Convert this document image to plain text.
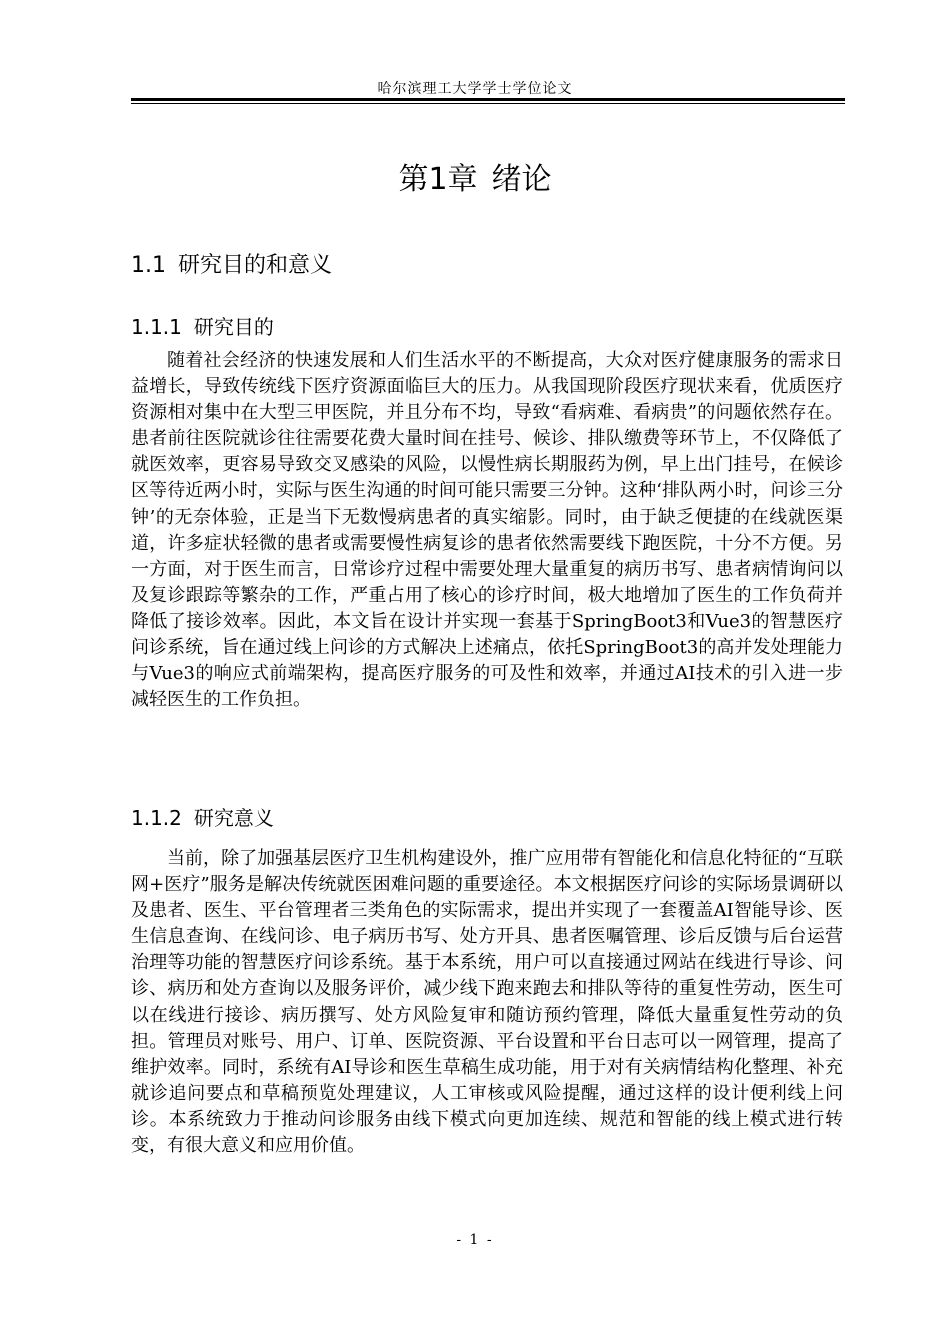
哈尔滨理工大学学士学位论文
第1章 绪论
1.1 研究目的和意义
1.1.1 研究目的

随着社会经济的快速发展和人们生活水平的不断提高，大众对医疗健康服务的需求日益增长，导致传统线下医疗资源面临巨大的压力。从我国现阶段医疗现状来看，优质医疗资源相对集中在大型三甲医院，并且分布不均，导致“看病难、看病贵”的问题依然存在。患者前往医院就诊往往需要花费大量时间在挂号、候诊、排队缴费等环节上，不仅降低了就医效率，更容易导致交叉感染的风险，以慢性病长期服药为例，早上出门挂号，在候诊区等待近两小时，实际与医生沟通的时间可能只需要三分钟。这种‘排队两小时，问诊三分钟’的无奈体验，正是当下无数慢病患者的真实缩影。同时，由于缺乏便捷的在线就医渠道，许多症状轻微的患者或需要慢性病复诊的患者依然需要线下跑医院，十分不方便。另一方面，对于医生而言，日常诊疗过程中需要处理大量重复的病历书写、患者病情询问以及复诊跟踪等繁杂的工作，严重占用了核心的诊疗时间，极大地增加了医生的工作负荷并降低了接诊效率。因此，本文旨在设计并实现一套基于SpringBoot3和Vue3的智慧医疗问诊系统，旨在通过线上问诊的方式解决上述痛点，依托SpringBoot3的高并发处理能力与Vue3的响应式前端架构，提高医疗服务的可及性和效率，并通过AI技术的引入进一步减轻医生的工作负担。

1.1.2 研究意义

当前，除了加强基层医疗卫生机构建设外，推广应用带有智能化和信息化特征的“互联网+医疗”服务是解决传统就医困难问题的重要途径。本文根据医疗问诊的实际场景调研以及患者、医生、平台管理者三类角色的实际需求，提出并实现了一套覆盖AI智能导诊、医生信息查询、在线问诊、电子病历书写、处方开具、患者医嘱管理、诊后反馈与后台运营治理等功能的智慧医疗问诊系统。基于本系统，用户可以直接通过网站在线进行导诊、问诊、病历和处方查询以及服务评价，减少线下跑来跑去和排队等待的重复性劳动，医生可以在线进行接诊、病历撰写、处方风险复审和随访预约管理，降低大量重复性劳动的负担。管理员对账号、用户、订单、医院资源、平台设置和平台日志可以一网管理，提高了维护效率。同时，系统有AI导诊和医生草稿生成功能，用于对有关病情结构化整理、补充就诊追问要点和草稿预览处理建议，人工审核或风险提醒，通过这样的设计便利线上问诊。本系统致力于推动问诊服务由线下模式向更加连续、规范和智能的线上模式进行转变，有很大意义和应用价值。

- 1 -
